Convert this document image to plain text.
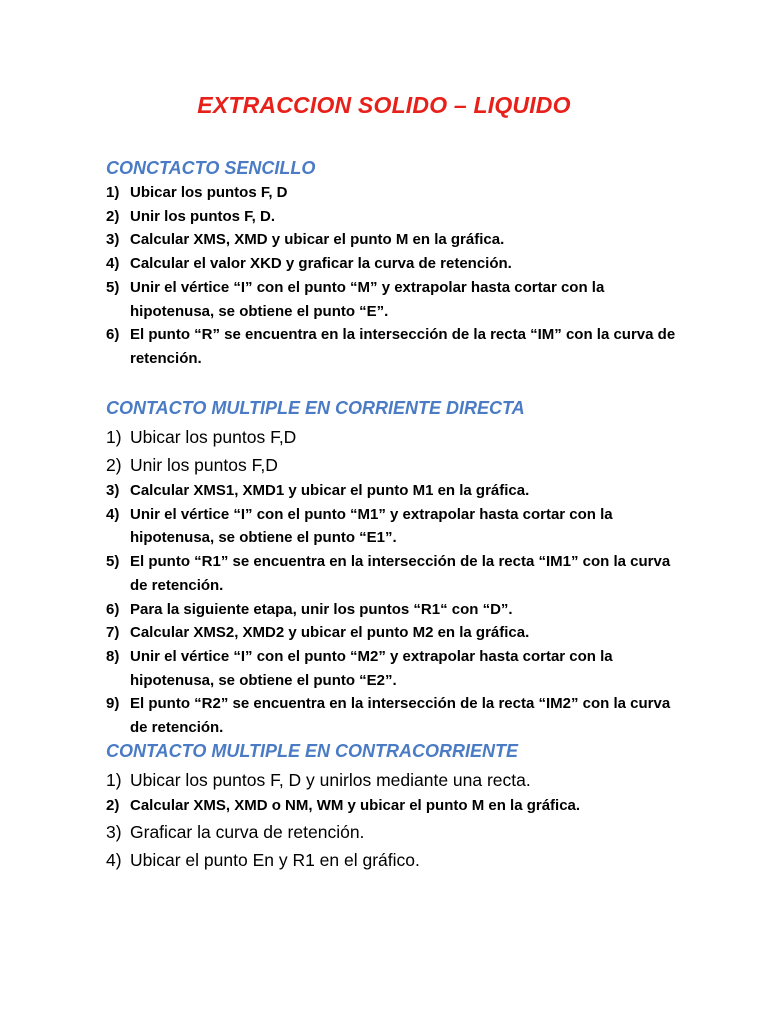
EXTRACCION SOLIDO – LIQUIDO
CONCTACTO SENCILLO
1) Ubicar los puntos F, D
2) Unir los puntos F, D.
3) Calcular XMS, XMD y ubicar el punto M en la gráfica.
4) Calcular el valor XKD y graficar la curva de retención.
5) Unir el vértice “I” con el punto “M” y extrapolar hasta cortar con la hipotenusa, se obtiene el punto “E”.
6) El punto “R” se encuentra en la intersección de la recta “IM” con la curva de retención.
CONTACTO MULTIPLE EN CORRIENTE DIRECTA
1) Ubicar los puntos F,D
2) Unir los puntos F,D
3) Calcular XMS1, XMD1 y ubicar el punto M1 en la gráfica.
4) Unir el vértice “I” con el punto “M1” y extrapolar hasta cortar con la hipotenusa, se obtiene el punto “E1”.
5) El punto “R1” se encuentra en la intersección de la recta “IM1” con la curva de retención.
6) Para la siguiente etapa, unir los puntos “R1“ con “D”.
7) Calcular XMS2, XMD2 y ubicar el punto M2 en la gráfica.
8) Unir el vértice “I” con el punto “M2” y extrapolar hasta cortar con la hipotenusa, se obtiene el punto “E2”.
9) El punto “R2” se encuentra en la intersección de la recta “IM2” con la curva de retención.
CONTACTO MULTIPLE EN CONTRACORRIENTE
1) Ubicar los puntos F, D y unirlos mediante una recta.
2) Calcular XMS, XMD o NM, WM y ubicar el punto M en la gráfica.
3) Graficar la curva de retención.
4) Ubicar el punto En y R1 en el gráfico.
